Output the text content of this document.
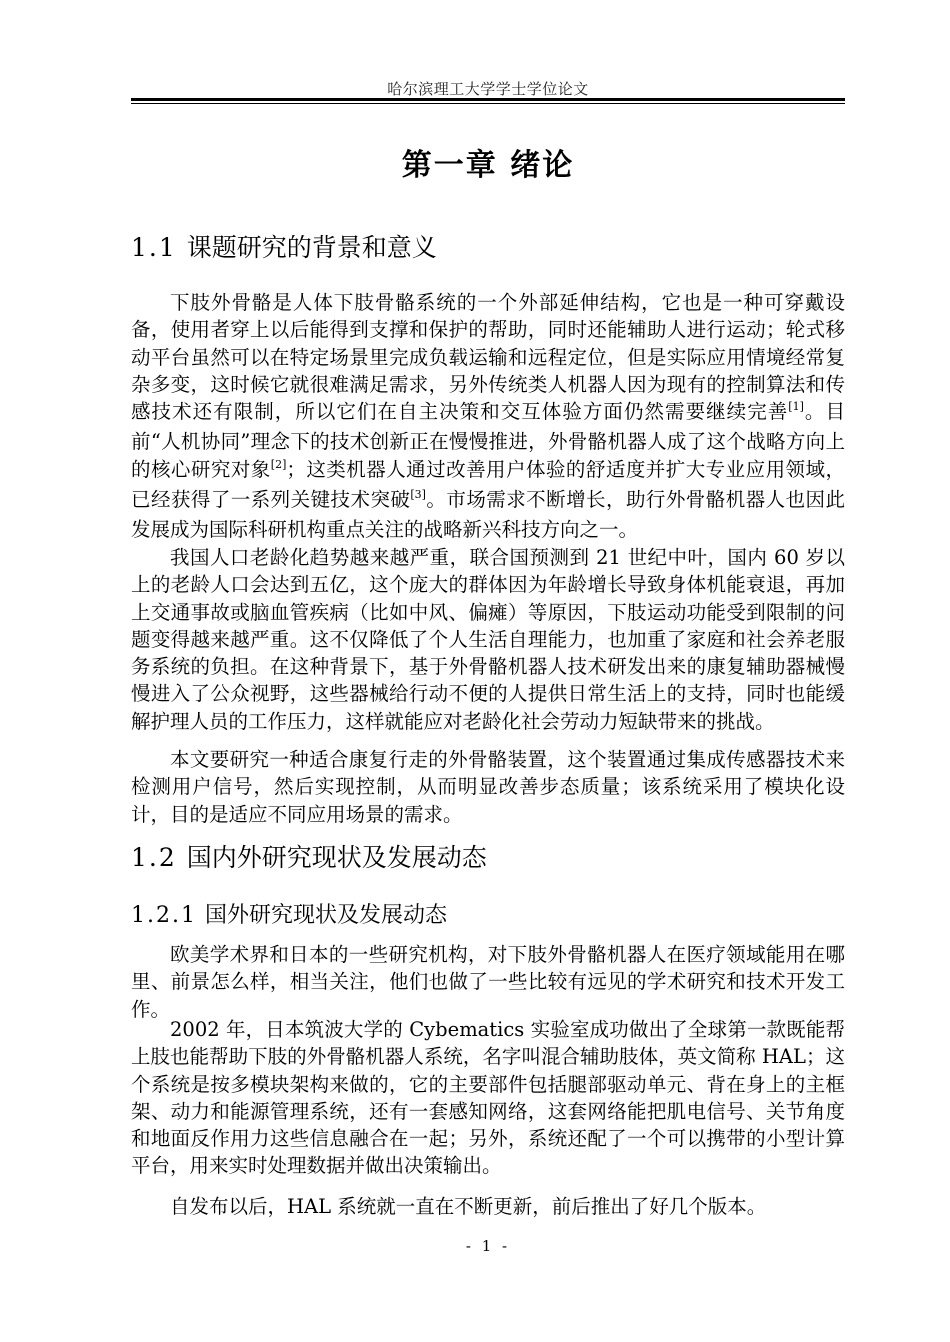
哈尔滨理工大学学士学位论文
第一章 绪论
1.1 课题研究的背景和意义

下肢外骨骼是人体下肢骨骼系统的一个外部延伸结构，它也是一种可穿戴设备，使用者穿上以后能得到支撑和保护的帮助，同时还能辅助人进行运动；轮式移动平台虽然可以在特定场景里完成负载运输和远程定位，但是实际应用情境经常复杂多变，这时候它就很难满足需求，另外传统类人机器人因为现有的控制算法和传感技术还有限制，所以它们在自主决策和交互体验方面仍然需要继续完善[1]。目前“人机协同”理念下的技术创新正在慢慢推进，外骨骼机器人成了这个战略方向上的核心研究对象[2]；这类机器人通过改善用户体验的舒适度并扩大专业应用领域，已经获得了一系列关键技术突破[3]。市场需求不断增长，助行外骨骼机器人也因此发展成为国际科研机构重点关注的战略新兴科技方向之一。

我国人口老龄化趋势越来越严重，联合国预测到 21 世纪中叶，国内 60 岁以上的老龄人口会达到五亿，这个庞大的群体因为年龄增长导致身体机能衰退，再加上交通事故或脑血管疾病（比如中风、偏瘫）等原因，下肢运动功能受到限制的问题变得越来越严重。这不仅降低了个人生活自理能力，也加重了家庭和社会养老服务系统的负担。在这种背景下，基于外骨骼机器人技术研发出来的康复辅助器械慢慢进入了公众视野，这些器械给行动不便的人提供日常生活上的支持，同时也能缓解护理人员的工作压力，这样就能应对老龄化社会劳动力短缺带来的挑战。

本文要研究一种适合康复行走的外骨骼装置，这个装置通过集成传感器技术来检测用户信号，然后实现控制，从而明显改善步态质量；该系统采用了模块化设计，目的是适应不同应用场景的需求。

1.2 国内外研究现状及发展动态
1.2.1 国外研究现状及发展动态

欧美学术界和日本的一些研究机构，对下肢外骨骼机器人在医疗领域能用在哪里、前景怎么样，相当关注，他们也做了一些比较有远见的学术研究和技术开发工作。

2002 年，日本筑波大学的 Cybematics 实验室成功做出了全球第一款既能帮上肢也能帮助下肢的外骨骼机器人系统，名字叫混合辅助肢体，英文简称 HAL；这个系统是按多模块架构来做的，它的主要部件包括腿部驱动单元、背在身上的主框架、动力和能源管理系统，还有一套感知网络，这套网络能把肌电信号、关节角度和地面反作用力这些信息融合在一起；另外，系统还配了一个可以携带的小型计算平台，用来实时处理数据并做出决策输出。

自发布以后，HAL 系统就一直在不断更新，前后推出了好几个版本。

- 1 -
